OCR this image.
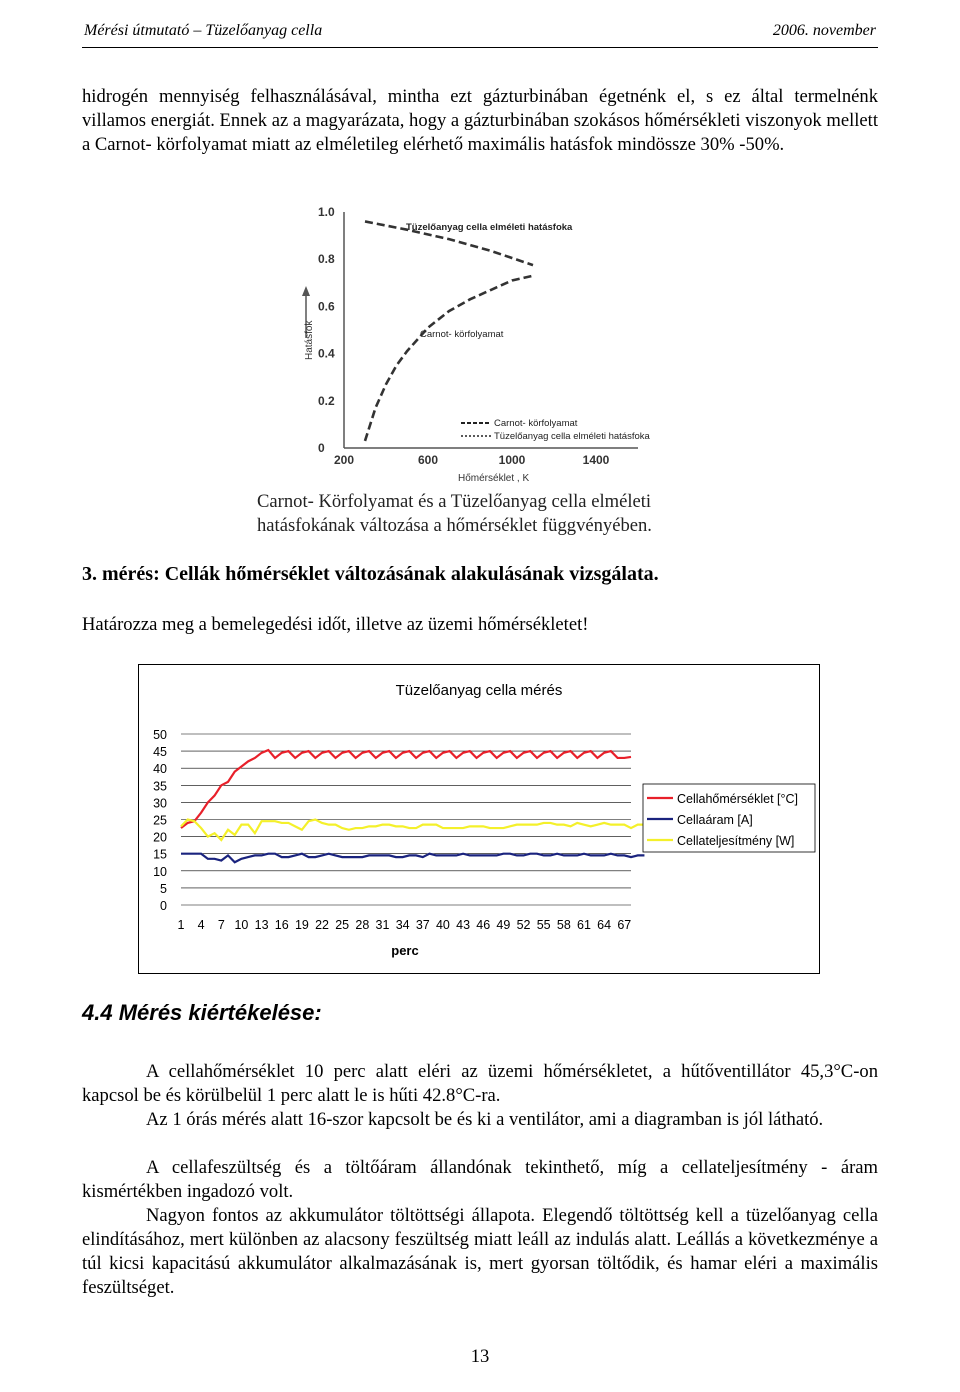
Mérési útmutató – Tüzelőanyag cella	2006. november
hidrogén mennyiség felhasználásával, mintha ezt gázturbinában égetnénk el, s ez által termelnénk villamos energiát. Ennek az a magyarázata, hogy a gázturbinában szokásos hőmérsékleti viszonyok mellett a Carnot- körfolyamat miatt az elméletileg elérhető maximális hatásfok mindössze 30% -50%.
0
0.2
0.4
0.6
0.8
1.0
200	600	1000	1400
Hatásfok
Hőmérséklet , K
Tüzelőanyag cella elméleti hatásfoka
Carnot- körfolyamat
Carnot- körfolyamat
Tüzelőanyag cella elméleti hatásfoka
Carnot- Körfolyamat és a Tüzelőanyag cella elméleti
hatásfokának változása a hőmérséklet függvényében.
3. mérés: Cellák hőmérséklet változásának alakulásának vizsgálata.
Határozza meg a bemelegedési időt, illetve az üzemi hőmérsékletet!
Tüzelőanyag cella mérés
50
45
40
35
30
25
20
15
10
5
0
1 4 7 10 13 16 19 22 25 28 31 34 37 40 43 46 49 52 55 58 61 64 67
perc
Cellahőmérséklet [°C]
Cellaáram [A]
Cellateljesítmény [W]
4.4 Mérés kiértékelése:
A cellahőmérséklet 10 perc alatt eléri az üzemi hőmérsékletet, a hűtőventillátor 45,3°C-on kapcsol be és körülbelül 1 perc alatt le is hűti 42.8°C-ra.
Az 1 órás mérés alatt 16-szor kapcsolt be és ki a ventilátor, ami a diagramban is jól látható.
A cellafeszültség és a töltőáram állandónak tekinthető, míg a cellateljesítmény - áram kismértékben ingadozó volt.
Nagyon fontos az akkumulátor töltöttségi állapota. Elegendő töltöttség kell a tüzelőanyag cella elindításához, mert különben az alacsony feszültség miatt leáll az indulás alatt. Leállás a következménye a túl kicsi kapacitású akkumulátor alkalmazásának is, mert gyorsan töltődik, és hamar eléri a maximális feszültséget.
13
